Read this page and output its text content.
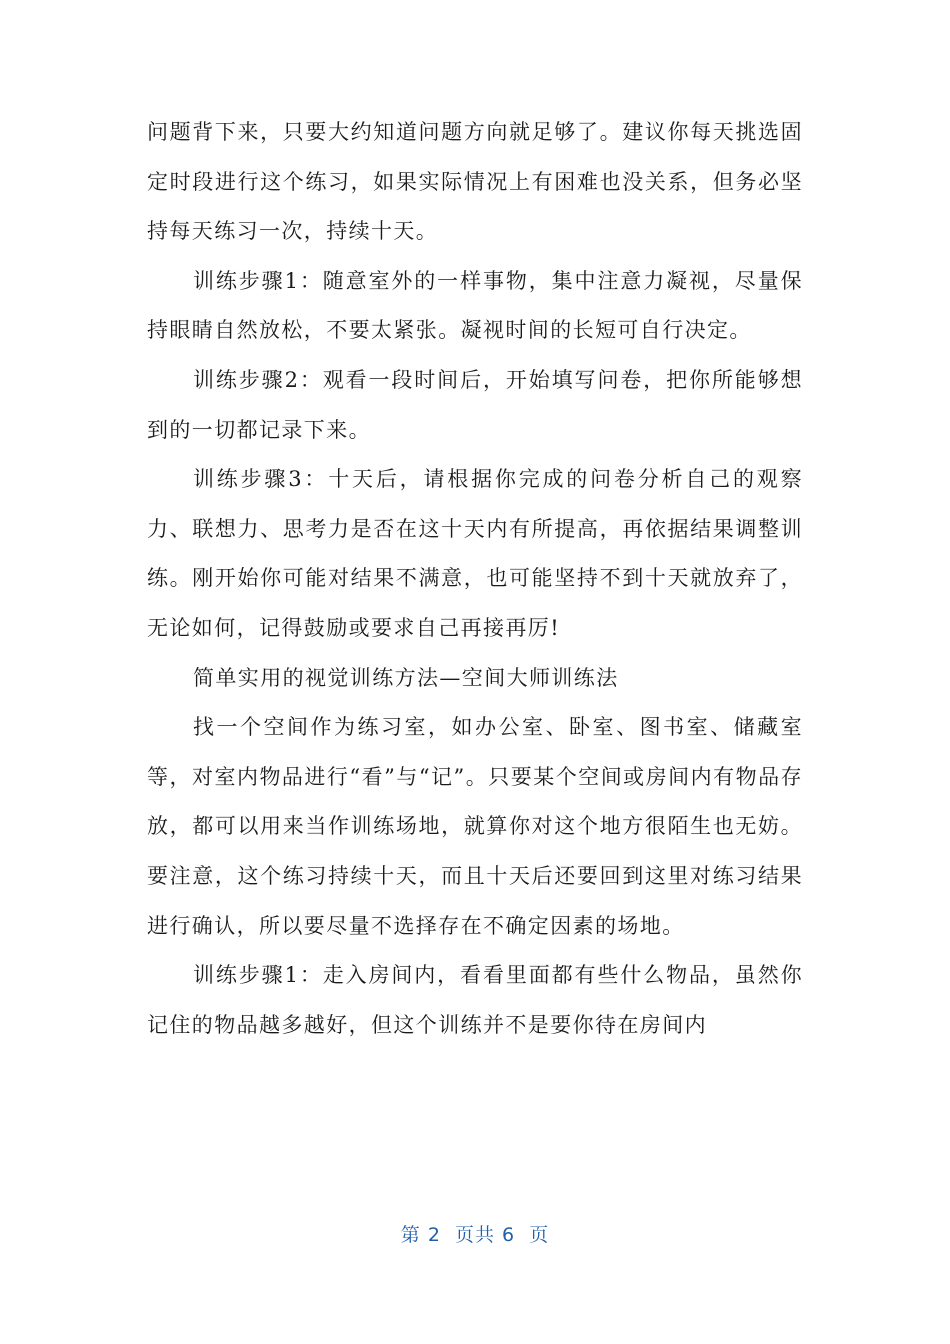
问题背下来，只要大约知道问题方向就足够了。建议你每天挑选固定时段进行这个练习，如果实际情况上有困难也没关系，但务必坚持每天练习一次，持续十天。

训练步骤1：随意室外的一样事物，集中注意力凝视，尽量保持眼睛自然放松，不要太紧张。凝视时间的长短可自行决定。

训练步骤2：观看一段时间后，开始填写问卷，把你所能够想到的一切都记录下来。

训练步骤3：十天后，请根据你完成的问卷分析自己的观察力、联想力、思考力是否在这十天内有所提高，再依据结果调整训练。刚开始你可能对结果不满意，也可能坚持不到十天就放弃了，无论如何，记得鼓励或要求自己再接再厉!

简单实用的视觉训练方法—空间大师训练法

找一个空间作为练习室，如办公室、卧室、图书室、储藏室等，对室内物品进行“看”与“记”。只要某个空间或房间内有物品存放，都可以用来当作训练场地，就算你对这个地方很陌生也无妨。要注意，这个练习持续十天，而且十天后还要回到这里对练习结果进行确认，所以要尽量不选择存在不确定因素的场地。

训练步骤1：走入房间内，看看里面都有些什么物品，虽然你记住的物品越多越好，但这个训练并不是要你待在房间内

第 2  页共 6  页
